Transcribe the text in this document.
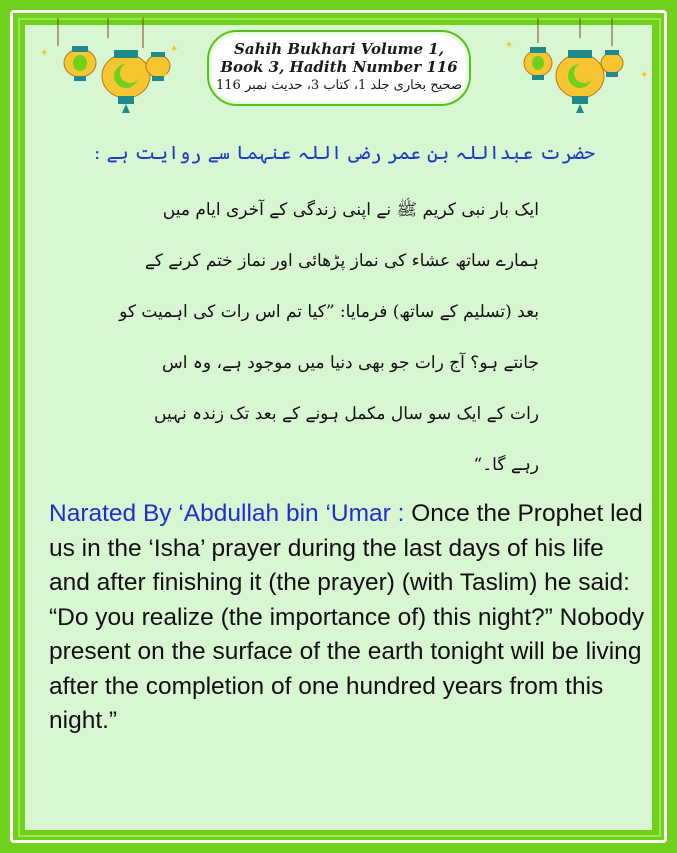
✦	✦
✦
✦
✦
Sahih Bukhari Volume 1,
Book 3, Hadith Number 116
صحیح بخاری جلد 1، کتاب 3، حدیث نمبر 116
حضرت عبداللہ بن عمر رضی اللہ عنہما سے روایت ہے :
ایک بار نبی کریم ﷺ نے اپنی زندگی کے آخری ایام میں
ہمارے ساتھ عشاء کی نماز پڑھائی اور نماز ختم کرنے کے
بعد (تسلیم کے ساتھ) فرمایا: ”کیا تم اس رات کی اہمیت کو
جانتے ہو؟ آج رات جو بھی دنیا میں موجود ہے، وہ اس
رات کے ایک سو سال مکمل ہونے کے بعد تک زندہ نہیں
رہے گا۔“
Narated By ‘Abdullah bin ‘Umar : Once the Prophet led us in the ‘Isha’ prayer during the last days of his life and after finishing it (the prayer) (with Taslim) he said: “Do you realize (the importance of) this night?” Nobody present on the surface of the earth tonight will be living after the completion of one hundred years from this night.”
